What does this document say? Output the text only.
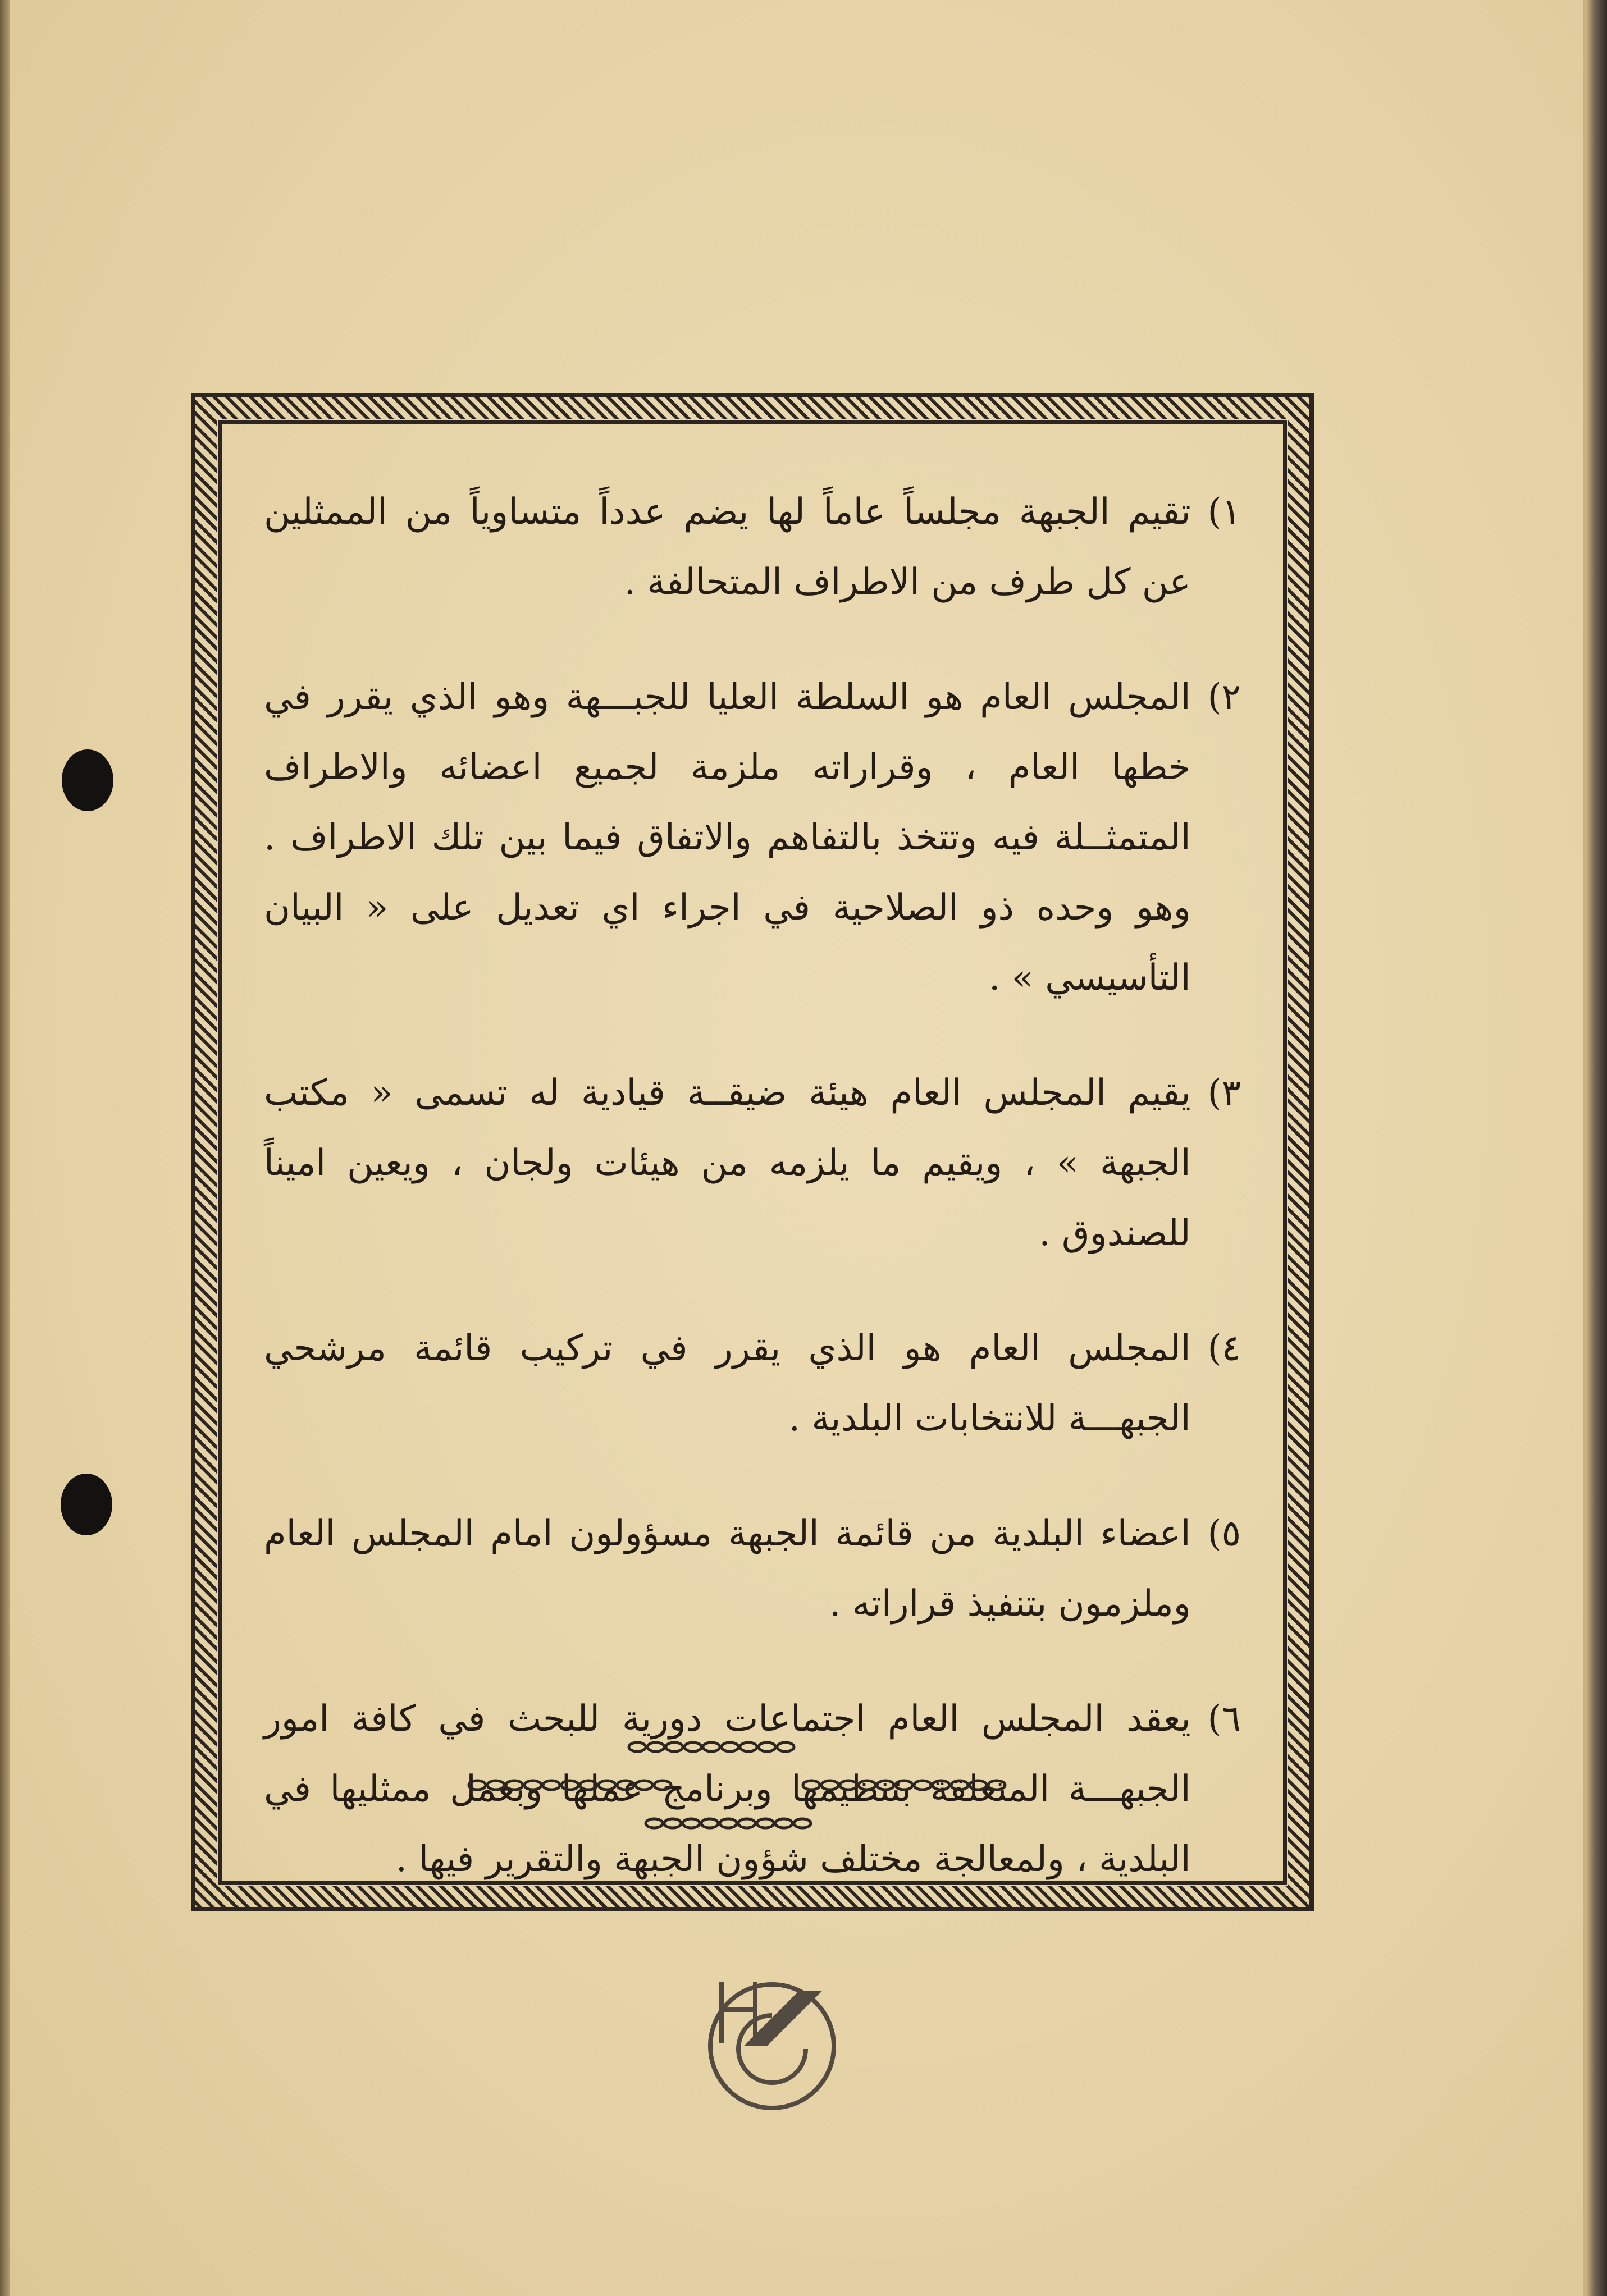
١)
تقيم الجبهة مجلساً عاماً لها يضم عدداً متساوياً من الممثلين عن كل طرف من الاطراف المتحالفة .
٢)
المجلس العام هو السلطة العليا للجبـــهة وهو الذي يقرر في خطها العام ، وقراراته ملزمة لجميع اعضائه والاطراف المتمثــلة فيه وتتخذ بالتفاهم والاتفاق فيما بين تلك الاطراف . وهو وحده ذو الصلاحية في اجراء اي تعديل على « البيان التأسيسي » .
٣)
يقيم المجلس العام هيئة ضيقــة قيادية له تسمى « مكتب الجبهة » ، ويقيم ما يلزمه من هيئات ولجان ، ويعين اميناً للصندوق .
٤)
المجلس العام هو الذي يقرر في تركيب قائمة مرشحي الجبهـــة للانتخابات البلدية .
٥)
اعضاء البلدية من قائمة الجبهة مسؤولون امام المجلس العام وملزمون بتنفيذ قراراته .
٦)
يعقد المجلس العام اجتماعات دورية للبحث في كافة امور الجبهـــة المتعلقة بتنظيمها وبرنامج عملها وبعمل ممثليها في البلدية ، ولمعالجة مختلف شؤون الجبهة والتقرير فيها .
